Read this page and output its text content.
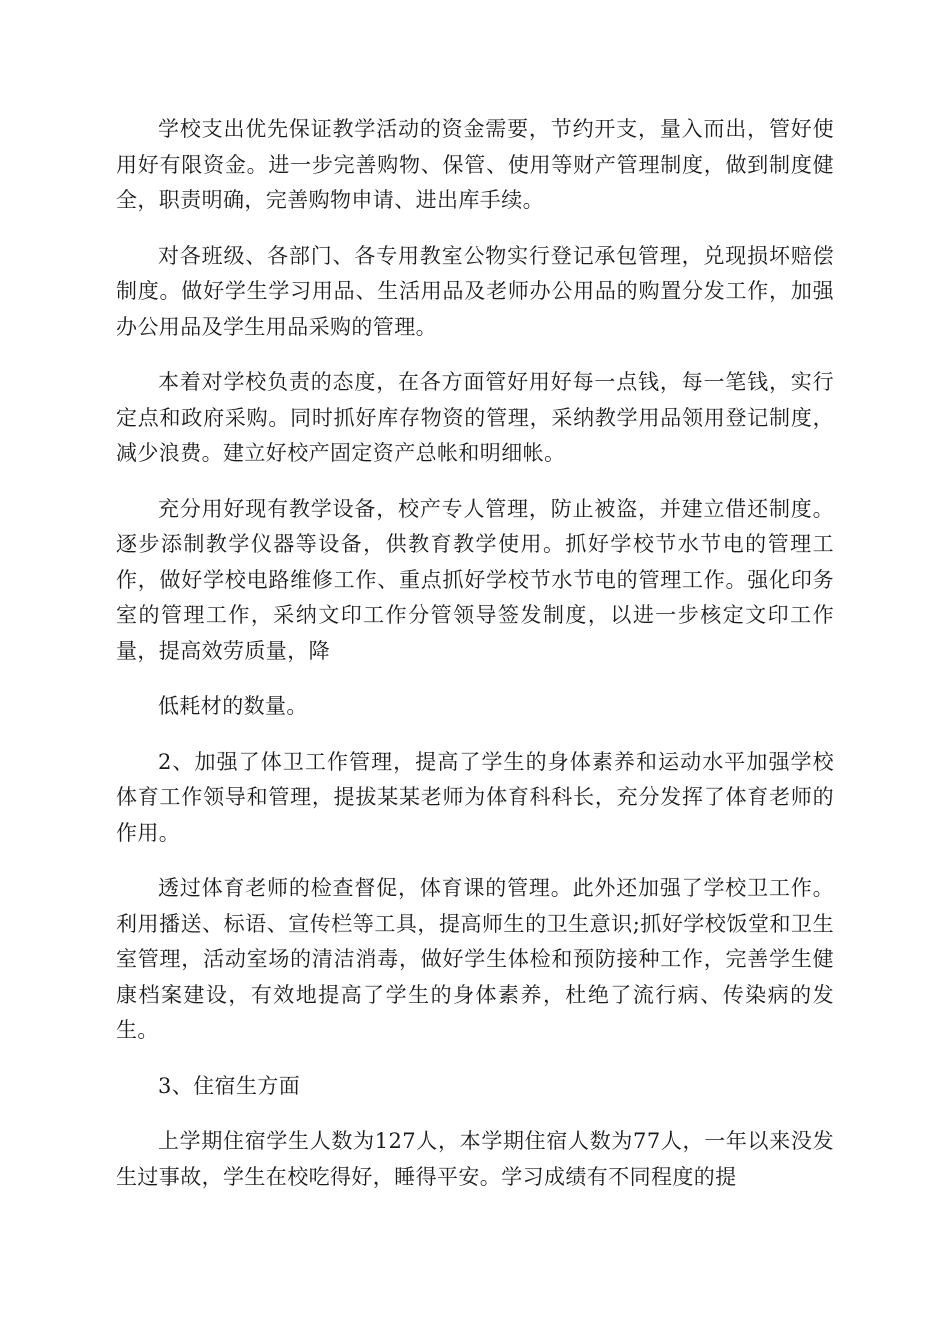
学校支出优先保证教学活动的资金需要，节约开支，量入而出，管好使用好有限资金。进一步完善购物、保管、使用等财产管理制度，做到制度健全，职责明确，完善购物申请、进出库手续。

对各班级、各部门、各专用教室公物实行登记承包管理，兑现损坏赔偿制度。做好学生学习用品、生活用品及老师办公用品的购置分发工作，加强办公用品及学生用品采购的管理。

本着对学校负责的态度，在各方面管好用好每一点钱，每一笔钱，实行定点和政府采购。同时抓好库存物资的管理，采纳教学用品领用登记制度，减少浪费。建立好校产固定资产总帐和明细帐。

充分用好现有教学设备，校产专人管理，防止被盗，并建立借还制度。逐步添制教学仪器等设备，供教育教学使用。抓好学校节水节电的管理工作，做好学校电路维修工作、重点抓好学校节水节电的管理工作。强化印务室的管理工作，采纳文印工作分管领导签发制度，以进一步核定文印工作量，提高效劳质量，降

低耗材的数量。

2、加强了体卫工作管理，提高了学生的身体素养和运动水平加强学校体育工作领导和管理，提拔某某老师为体育科科长，充分发挥了体育老师的作用。

透过体育老师的检查督促，体育课的管理。此外还加强了学校卫工作。利用播送、标语、宣传栏等工具，提高师生的卫生意识;抓好学校饭堂和卫生室管理，活动室场的清洁消毒，做好学生体检和预防接种工作，完善学生健康档案建设，有效地提高了学生的身体素养，杜绝了流行病、传染病的发生。

3、住宿生方面

上学期住宿学生人数为127人，本学期住宿人数为77人，一年以来没发生过事故，学生在校吃得好，睡得平安。学习成绩有不同程度的提
